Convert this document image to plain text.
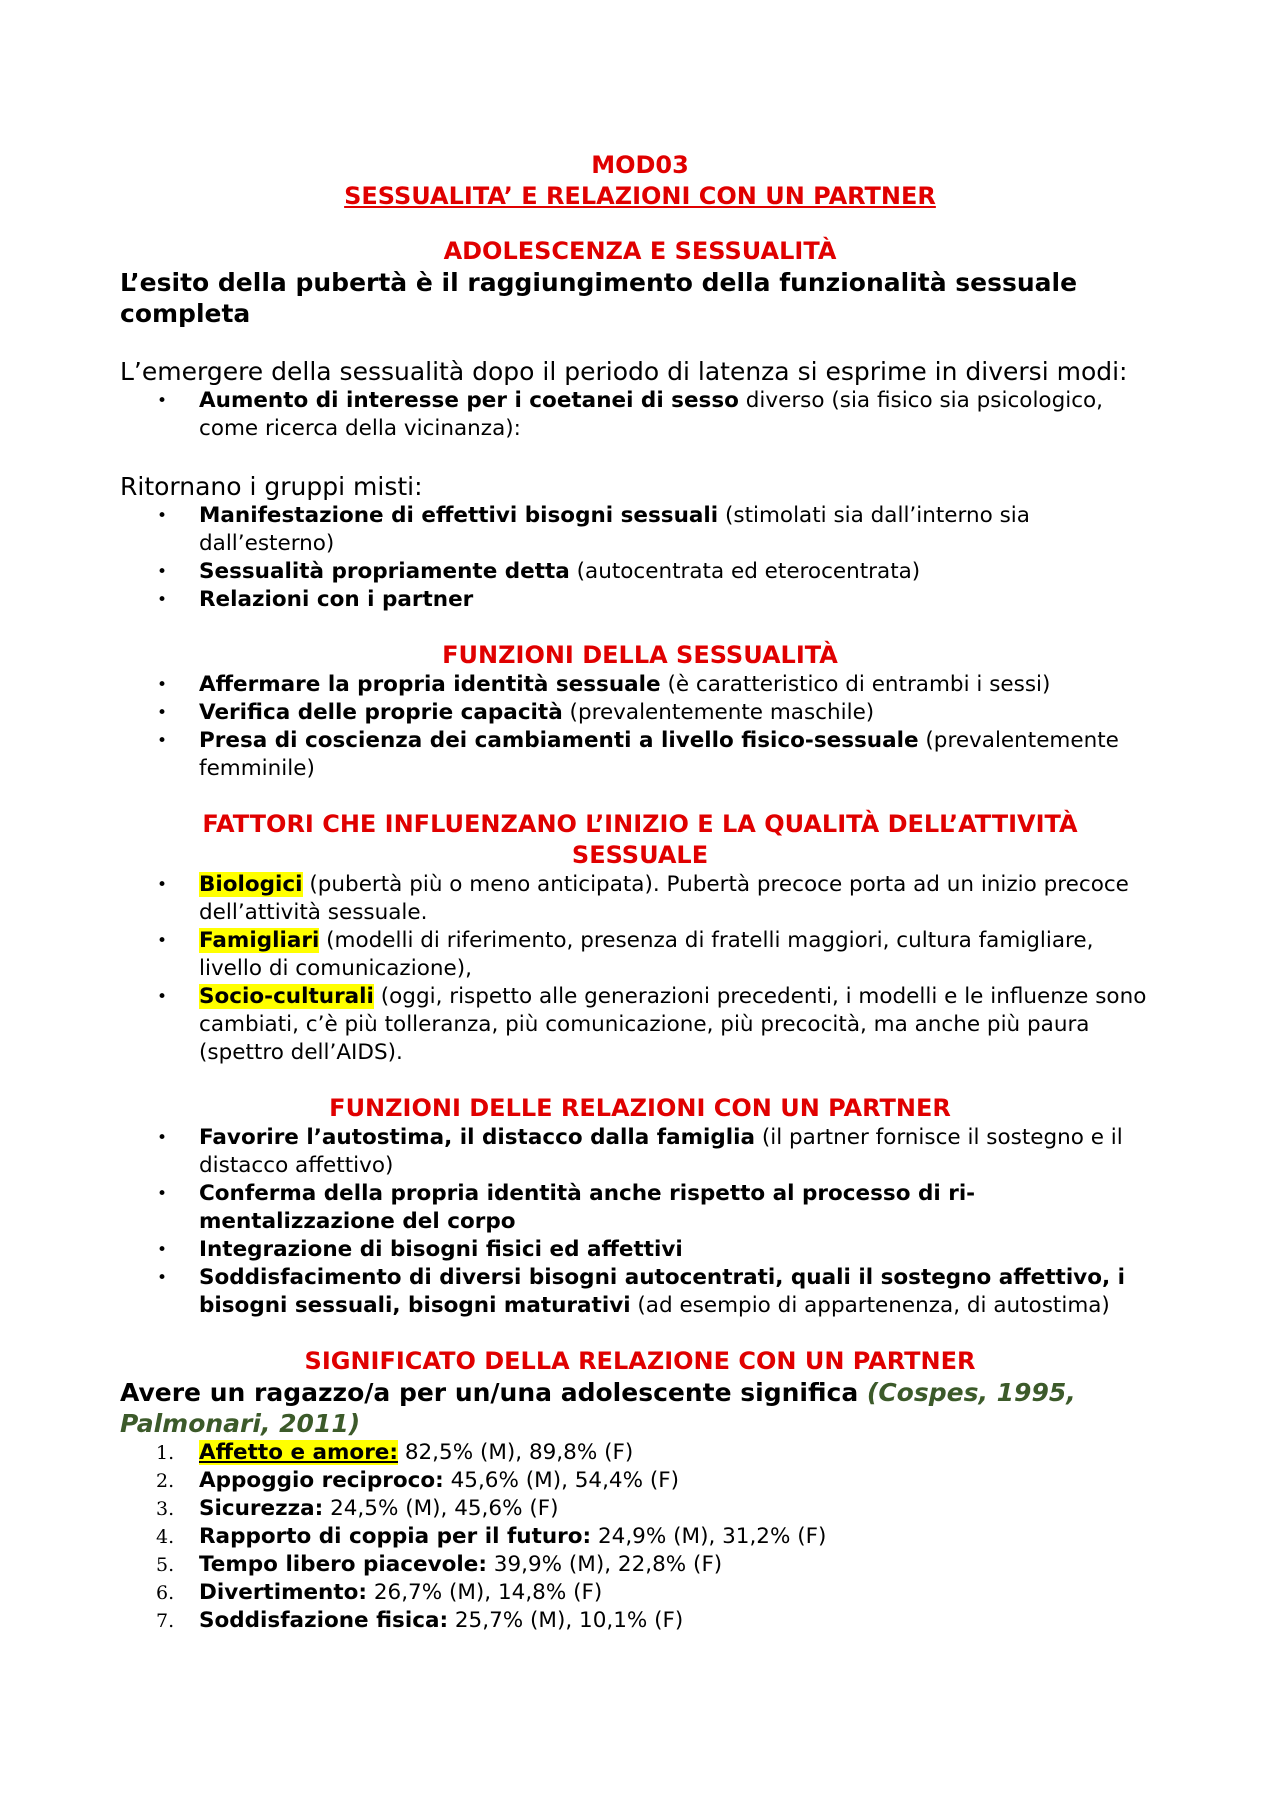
MOD03
SESSUALITA’ E RELAZIONI CON UN PARTNER
ADOLESCENZA E SESSUALITÀ

L’esito della pubertà è il raggiungimento della funzionalità sessuale completa

L’emergere della sessualità dopo il periodo di latenza si esprime in diversi modi:

• Aumento di interesse per i coetanei di sesso diverso (sia fisico sia psicologico, come ricerca della vicinanza):

Ritornano i gruppi misti:

• Manifestazione di effettivi bisogni sessuali (stimolati sia dall’interno sia dall’esterno)
• Sessualità propriamente detta (autocentrata ed eterocentrata)
• Relazioni con i partner
FUNZIONI DELLA SESSUALITÀ
• Affermare la propria identità sessuale (è caratteristico di entrambi i sessi)
• Verifica delle proprie capacità (prevalentemente maschile)
• Presa di coscienza dei cambiamenti a livello fisico-sessuale (prevalentemente femminile)
FATTORI CHE INFLUENZANO L’INIZIO E LA QUALITÀ DELL’ATTIVITÀ SESSUALE
• Biologici (pubertà più o meno anticipata). Pubertà precoce porta ad un inizio precoce dell’attività sessuale.
• Famigliari (modelli di riferimento, presenza di fratelli maggiori, cultura famigliare, livello di comunicazione),
• Socio-culturali (oggi, rispetto alle generazioni precedenti, i modelli e le influenze sono cambiati, c’è più tolleranza, più comunicazione, più precocità, ma anche più paura (spettro dell’AIDS).
FUNZIONI DELLE RELAZIONI CON UN PARTNER
• Favorire l’autostima, il distacco dalla famiglia (il partner fornisce il sostegno e il distacco affettivo)
• Conferma della propria identità anche rispetto al processo di ri-mentalizzazione del corpo
• Integrazione di bisogni fisici ed affettivi
• Soddisfacimento di diversi bisogni autocentrati, quali il sostegno affettivo, i bisogni sessuali, bisogni maturativi (ad esempio di appartenenza, di autostima)
SIGNIFICATO DELLA RELAZIONE CON UN PARTNER

Avere un ragazzo/a per un/una adolescente significa (Cospes, 1995, Palmonari, 2011)

1.	Affetto e amore: 82,5% (M), 89,8% (F)
2.	Appoggio reciproco: 45,6% (M), 54,4% (F)
3.	Sicurezza: 24,5% (M), 45,6% (F)
4.	Rapporto di coppia per il futuro: 24,9% (M), 31,2% (F)
5.	Tempo libero piacevole: 39,9% (M), 22,8% (F)
6.	Divertimento: 26,7% (M), 14,8% (F)
7.	Soddisfazione fisica: 25,7% (M), 10,1% (F)
